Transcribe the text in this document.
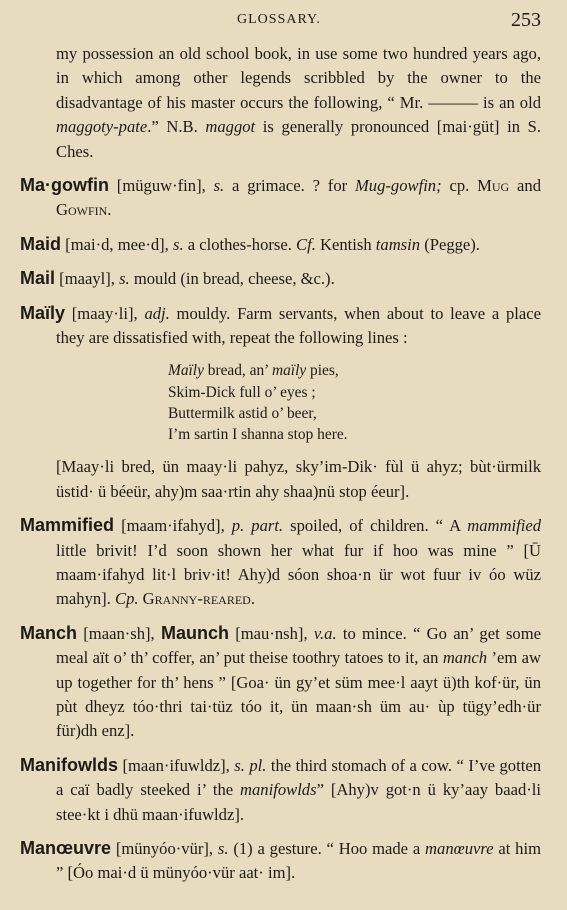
GLOSSARY.	253

my possession an old school book, in use some two hundred years ago, in which among other legends scribbled by the owner to the disadvantage of his master occurs the following, “ Mr. ——— is an old maggoty-pate.” N.B. maggot is generally pronounced [mai·güt] in S. Ches.

Ma·gowfin [müguw·fin], s. a grimace. ? for Mug-gowfin; cp. Mug and Gowfin.

Maid [mai·d, mee·d], s. a clothes-horse. Cf. Kentish tamsin (Pegge).

Mail [maayl], s. mould (in bread, cheese, &c.).

Maïly [maay·li], adj. mouldy. Farm servants, when about to leave a place they are dissatisfied with, repeat the following lines :

Maïly bread, an’ maïly pies,
Skim-Dick full o’ eyes ;
Buttermilk astid o’ beer,
I’m sartin I shanna stop here.

[Maay·li bred, ün maay·li pahyz, sky’im-Dik· fùl ü ahyz; bùt·ürmilk üstid· ü béeür, ahy)m saa·rtin ahy shaa)nü stop éeur].

Mammified [maam·ifahyd], p. part. spoiled, of children. “ A mammified little brivit! I’d soon shown her what fur if hoo was mine ” [Ū maam·ifahyd lit·l briv·it! Ahy)d sóon shoa·n ür wot fuur iv óo wüz mahyn]. Cp. Granny-reared.

Manch [maan·sh], Maunch [mau·nsh], v.a. to mince. “ Go an’ get some meal aït o’ th’ coffer, an’ put theise toothry tatoes to it, an manch ’em aw up together for th’ hens ” [Goa· ün gy’et süm mee·l aayt ü)th kof·ür, ün pùt dheyz tóo·thri tai·tüz tóo it, ün maan·sh üm au· ùp tügy’edh·ür für)dh enz].

Manifowlds [maan·ifuwldz], s. pl. the third stomach of a cow. “ I’ve gotten a caï badly steeked i’ the manifowlds” [Ahy)v got·n ü ky’aay baad·li stee·kt i dhü maan·ifuwldz].

Manœuvre [münyóo·vür], s. (1) a gesture. “ Hoo made a manœuvre at him ” [Óo mai·d ü münyóo·vür aat· im].
